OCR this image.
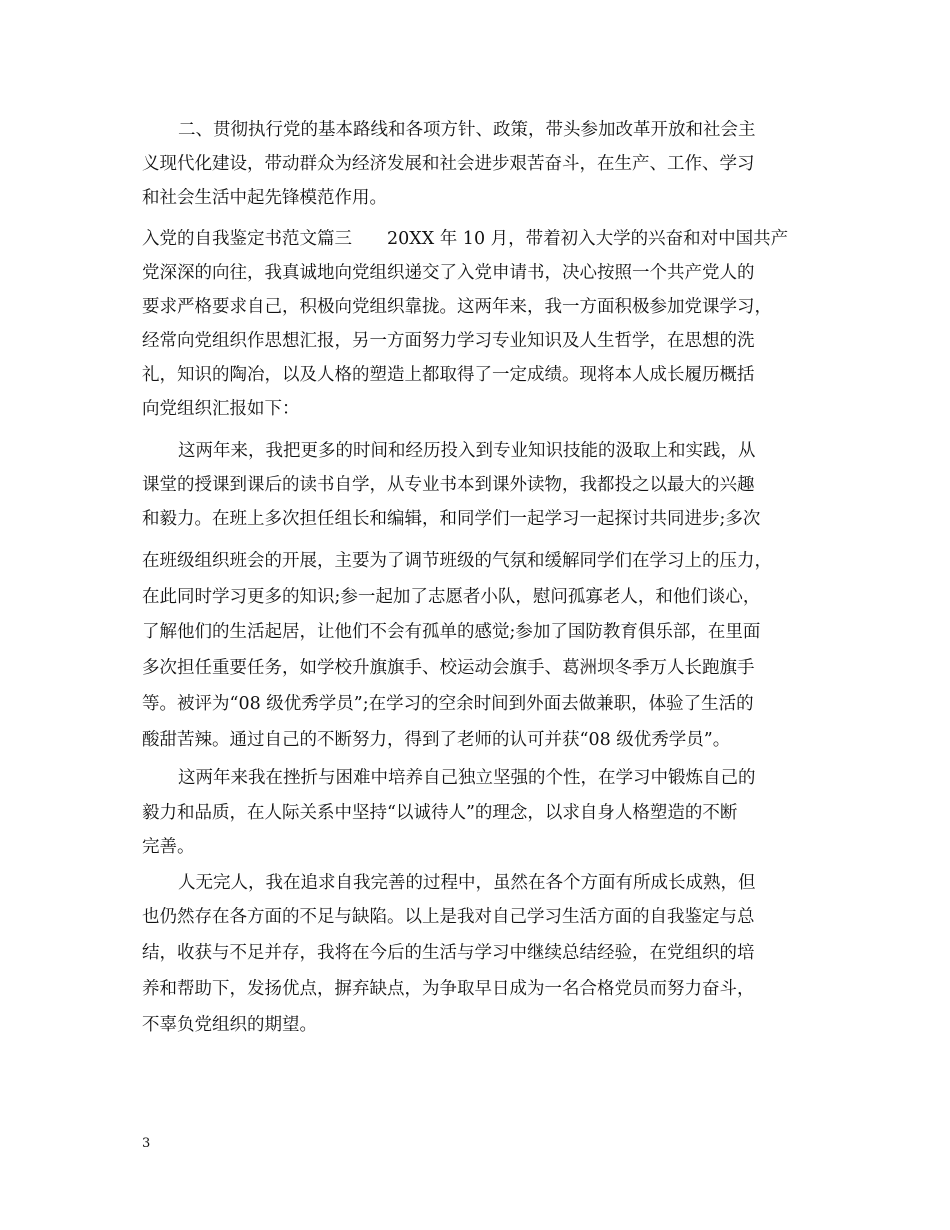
二、贯彻执行党的基本路线和各项方针、政策，带头参加改革开放和社会主
义现代化建设，带动群众为经济发展和社会进步艰苦奋斗，在生产、工作、学习
和社会生活中起先锋模范作用。
入党的自我鉴定书范文篇三　　20XX 年 10 月，带着初入大学的兴奋和对中国共产
党深深的向往，我真诚地向党组织递交了入党申请书，决心按照一个共产党人的
要求严格要求自己，积极向党组织靠拢。这两年来，我一方面积极参加党课学习，
经常向党组织作思想汇报，另一方面努力学习专业知识及人生哲学，在思想的洗
礼，知识的陶冶，以及人格的塑造上都取得了一定成绩。现将本人成长履历概括
向党组织汇报如下：
这两年来，我把更多的时间和经历投入到专业知识技能的汲取上和实践，从
课堂的授课到课后的读书自学，从专业书本到课外读物，我都投之以最大的兴趣
和毅力。在班上多次担任组长和编辑，和同学们一起学习一起探讨共同进步;多次
在班级组织班会的开展，主要为了调节班级的气氛和缓解同学们在学习上的压力，
在此同时学习更多的知识;参一起加了志愿者小队，慰问孤寡老人，和他们谈心，
了解他们的生活起居，让他们不会有孤单的感觉;参加了国防教育俱乐部，在里面
多次担任重要任务，如学校升旗旗手、校运动会旗手、葛洲坝冬季万人长跑旗手
等。被评为“08 级优秀学员”;在学习的空余时间到外面去做兼职，体验了生活的
酸甜苦辣。通过自己的不断努力，得到了老师的认可并获“08 级优秀学员”。
这两年来我在挫折与困难中培养自己独立坚强的个性，在学习中锻炼自己的
毅力和品质，在人际关系中坚持“以诚待人”的理念，以求自身人格塑造的不断
完善。
人无完人，我在追求自我完善的过程中，虽然在各个方面有所成长成熟，但
也仍然存在各方面的不足与缺陷。以上是我对自己学习生活方面的自我鉴定与总
结，收获与不足并存，我将在今后的生活与学习中继续总结经验，在党组织的培
养和帮助下，发扬优点，摒弃缺点，为争取早日成为一名合格党员而努力奋斗，
不辜负党组织的期望。
3
